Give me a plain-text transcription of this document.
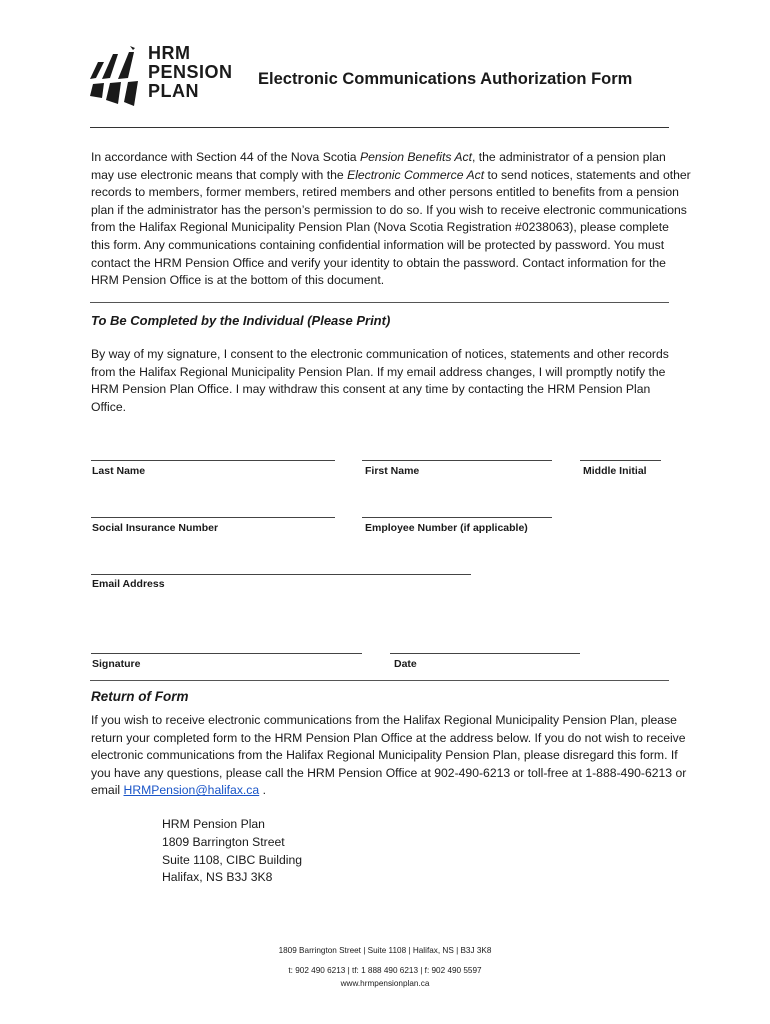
HRM
PENSION
PLAN
Electronic Communications Authorization Form
In accordance with Section 44 of the Nova Scotia Pension Benefits Act, the administrator of a pension plan may use electronic means that comply with the Electronic Commerce Act to send notices, statements and other records to members, former members, retired members and other persons entitled to benefits from a pension plan if the administrator has the person’s permission to do so. If you wish to receive electronic communications from the Halifax Regional Municipality Pension Plan (Nova Scotia Registration #0238063), please complete this form. Any communications containing confidential information will be protected by password. You must contact the HRM Pension Office and verify your identity to obtain the password. Contact information for the HRM Pension Office is at the bottom of this document.
To Be Completed by the Individual (Please Print)
By way of my signature, I consent to the electronic communication of notices, statements and other records from the Halifax Regional Municipality Pension Plan. If my email address changes, I will promptly notify the HRM Pension Plan Office. I may withdraw this consent at any time by contacting the HRM Pension Plan Office.
Last Name	First Name	Middle Initial
Social Insurance Number	Employee Number (if applicable)
Email Address
Signature	Date
Return of Form
If you wish to receive electronic communications from the Halifax Regional Municipality Pension Plan, please return your completed form to the HRM Pension Plan Office at the address below. If you do not wish to receive electronic communications from the Halifax Regional Municipality Pension Plan, please disregard this form. If you have any questions, please call the HRM Pension Office at 902-490-6213 or toll-free at 1-888-490-6213 or email HRMPension@halifax.ca .
HRM Pension Plan
1809 Barrington Street
Suite 1108, CIBC Building
Halifax, NS B3J 3K8
1809 Barrington Street | Suite 1108 | Halifax, NS | B3J 3K8
t: 902 490 6213 | tf: 1 888 490 6213 | f: 902 490 5597
www.hrmpensionplan.ca
